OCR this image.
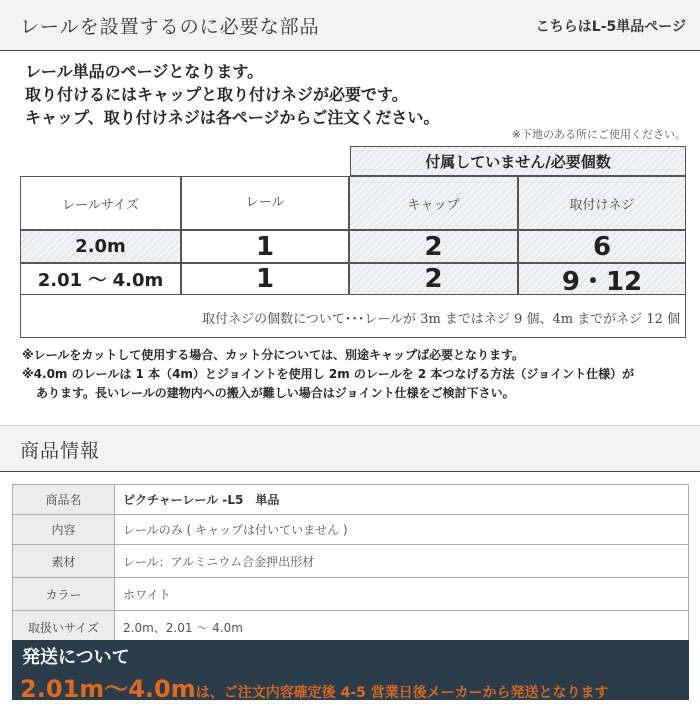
レールを設置するのに必要な部品	こちらはL-5単品ページ
レール単品のページとなります。
取り付けるにはキャップと取り付けネジが必要です。
キャップ、取り付けネジは各ページからご注文ください。
※下地のある所にご使用ください。
付属していません/必要個数
レールサイズ	レール	キャップ	取付けネジ
2.0m	1	2	6
2.01 〜 4.0m	1	2	9・12
取付ネジの個数について･･･レールが 3m まではネジ 9 個、4m までがネジ 12 個
※レールをカットして使用する場合、カット分については、別途キャップば必要となります。
※4.0m のレールは 1 本（4m）とジョイントを使用し 2m のレールを 2 本つなげる方法（ジョイント仕様）が
あります。長いレールの建物内への搬入が難しい場合はジョイント仕様をご検討下さい。
商品情報
商品名	ピクチャーレール -L5　単品
内容	レールのみ ( キャップは付いていません )
素材	レール：アルミニウム合金押出形材
カラー	ホワイト
取扱いサイズ	2.0m、2.01 〜 4.0m
発送について
2.01m〜4.0mは、ご注文内容確定後 4-5 営業日後メーカーから発送となります
